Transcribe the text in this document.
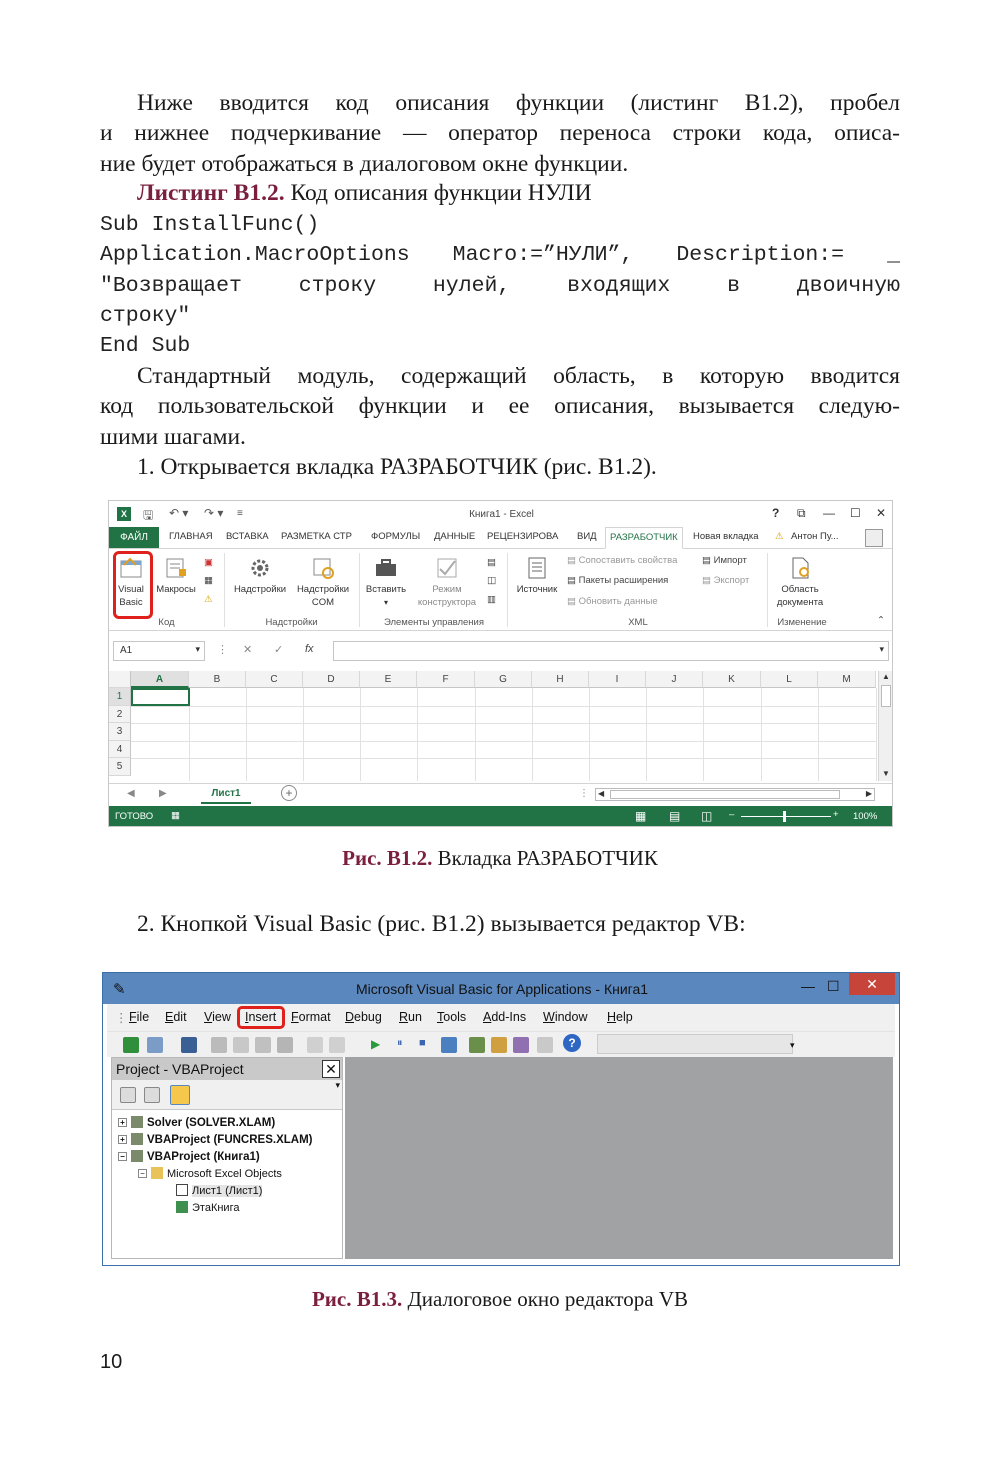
Ниже вводится код описания функции (листинг В1.2), пробел
и нижнее подчеркивание — оператор переноса строки кода, описа-
ние будет отображаться в диалоговом окне функции.
Листинг В1.2. Код описания функции НУЛИ
Sub InstallFunc()
Application.MacroOptions Macro:=”НУЛИ”, Description:= _
"Возвращает строку нулей, входящих в двоичную
строку"
End Sub
Стандартный модуль, содержащий область, в которую вводится
код пользовательской функции и ее описания, вызывается следую-
шими шагами.
1. Открывается вкладка РАЗРАБОТЧИК (рис. В1.2).
X	🖫 ↶ ▾ ↷ ▾ ≡	Книга1 - Excel	? ⧉ — ☐ ✕
ГЛАВНАЯ ВСТАВКА РАЗМЕТКА СТР ФОРМУЛЫ ДАННЫЕ РЕЦЕНЗИРОВА ВИД	РАЗРАБОТЧИК	Новая вкладка ⚠ Антон Пу...
ФАЙЛ
Visual
Basic
Макросы
▣
▦
⚠
Код
Надстройки	Надстройки
COM
Надстройки
Вставить
▾
Режим
конструктора
▤
◫
▥
Элементы управления
Источник
▤ Сопоставить свойства
▤ Пакеты расширения
▤ Обновить данные
▤ Импорт
▤ Экспорт
XML
Область
документа
Изменение	⌃
A1	▾ ⋮ ✕ ✓ fx	▾
A	B	C	D	E	F	G	H	I	J	K	L	M
1
2
3
4
5
▲
▼
◀ ▶	Лист1	+	⋮ ◀	▶
ГОТОВО ▦	▦ ▤ ◫ –	+ 100%
Рис. В1.2. Вкладка РАЗРАБОТЧИК
2. Кнопкой Visual Basic (рис. В1.2) вызывается редактор VB:
✎	Microsoft Visual Basic for Applications - Книга1	— ☐	✕
⋮ File Edit View Insert Format Debug Run Tools Add-Ins Window Help
▶ ⏸ ■	?	▾
Project - VBAProject	✕
▾
+ Solver (SOLVER.XLAM)
+ VBAProject (FUNCRES.XLAM)
− VBAProject (Книга1)
− Microsoft Excel Objects
Лист1 (Лист1)
ЭтаКнига
Рис. В1.3. Диалоговое окно редактора VB
10
